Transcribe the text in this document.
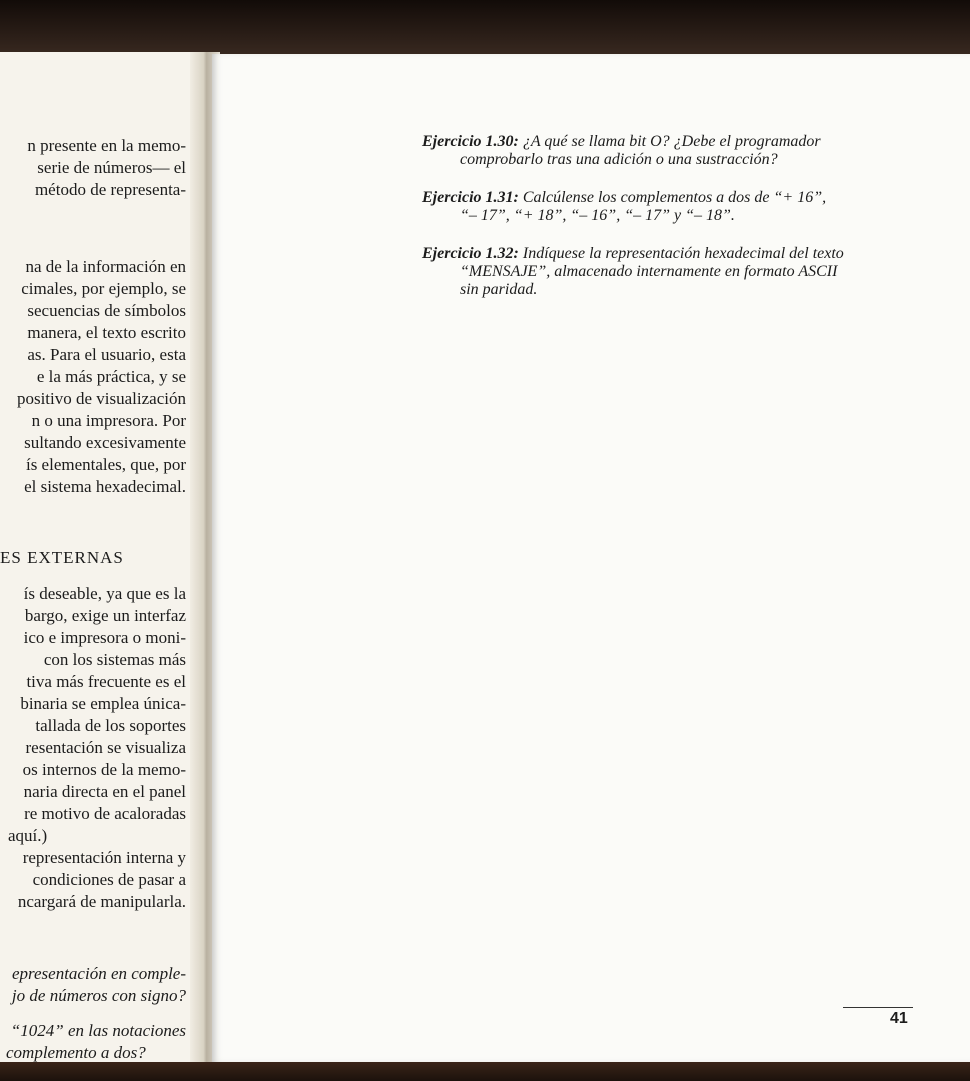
n presente en la memo-
serie de números— el
método de representa-
na de la información en
cimales, por ejemplo, se
secuencias de símbolos
manera, el texto escrito
as. Para el usuario, esta
e la más práctica, y se
positivo de visualización
n o una impresora. Por
sultando excesivamente
ís elementales, que, por
el sistema hexadecimal.
ES EXTERNAS
ís deseable, ya que es la
bargo, exige un interfaz
ico e impresora o moni-
con los sistemas más
tiva más frecuente es el
binaria se emplea única-
tallada de los soportes
resentación se visualiza
os internos de la memo-
naria directa en el panel
re motivo de acaloradas
aquí.)
representación interna y
condiciones de pasar a
ncargará de manipularla.
epresentación en comple-
jo de números con signo?
“1024” en las notaciones
complemento a dos?
Ejercicio 1.30: ¿A qué se llama bit O? ¿Debe el programador
comprobarlo tras una adición o una sustracción?
Ejercicio 1.31: Calcúlense los complementos a dos de “+ 16”,
“– 17”, “+ 18”, “– 16”, “– 17” y “– 18”.
Ejercicio 1.32: Indíquese la representación hexadecimal del texto
“MENSAJE”, almacenado internamente en formato ASCII
sin paridad.
41
